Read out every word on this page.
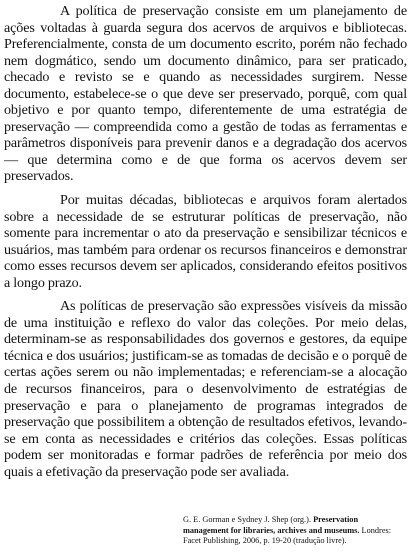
A política de preservação consiste em um planejamento de ações voltadas à guarda segura dos acervos de arquivos e bibliotecas. Preferencialmente, consta de um documento escrito, porém não fechado nem dogmático, sendo um documento dinâmico, para ser praticado, checado e revisto se e quando as necessidades surgirem. Nesse documento, estabelece-se o que deve ser preservado, porquê, com qual objetivo e por quanto tempo, diferentemente de uma estratégia de preservação — compreendida como a gestão de todas as ferramentas e parâmetros disponíveis para prevenir danos e a degradação dos acervos — que determina como e de que forma os acervos devem ser preservados.

Por muitas décadas, bibliotecas e arquivos foram alertados sobre a necessidade de se estruturar políticas de preservação, não somente para incrementar o ato da preservação e sensibilizar técnicos e usuários, mas também para ordenar os recursos financeiros e demonstrar como esses recursos devem ser aplicados, considerando efeitos positivos a longo prazo.

As políticas de preservação são expressões visíveis da missão de uma instituição e reflexo do valor das coleções. Por meio delas, determinam-se as responsabilidades dos governos e gestores, da equipe técnica e dos usuários; justificam-se as tomadas de decisão e o porquê de certas ações serem ou não implementadas; e referenciam-se a alocação de recursos financeiros, para o desenvolvimento de estratégias de preservação e para o planejamento de programas integrados de preservação que possibilitem a obtenção de resultados efetivos, levando-se em conta as necessidades e critérios das coleções. Essas políticas podem ser monitoradas e formar padrões de referência por meio dos quais a efetivação da preservação pode ser avaliada.

G. E. Gorman e Sydney J. Shep (org.). Preservation management for libraries, archives and museums. Londres: Facet Publishing, 2006, p. 19-20 (tradução livre).
